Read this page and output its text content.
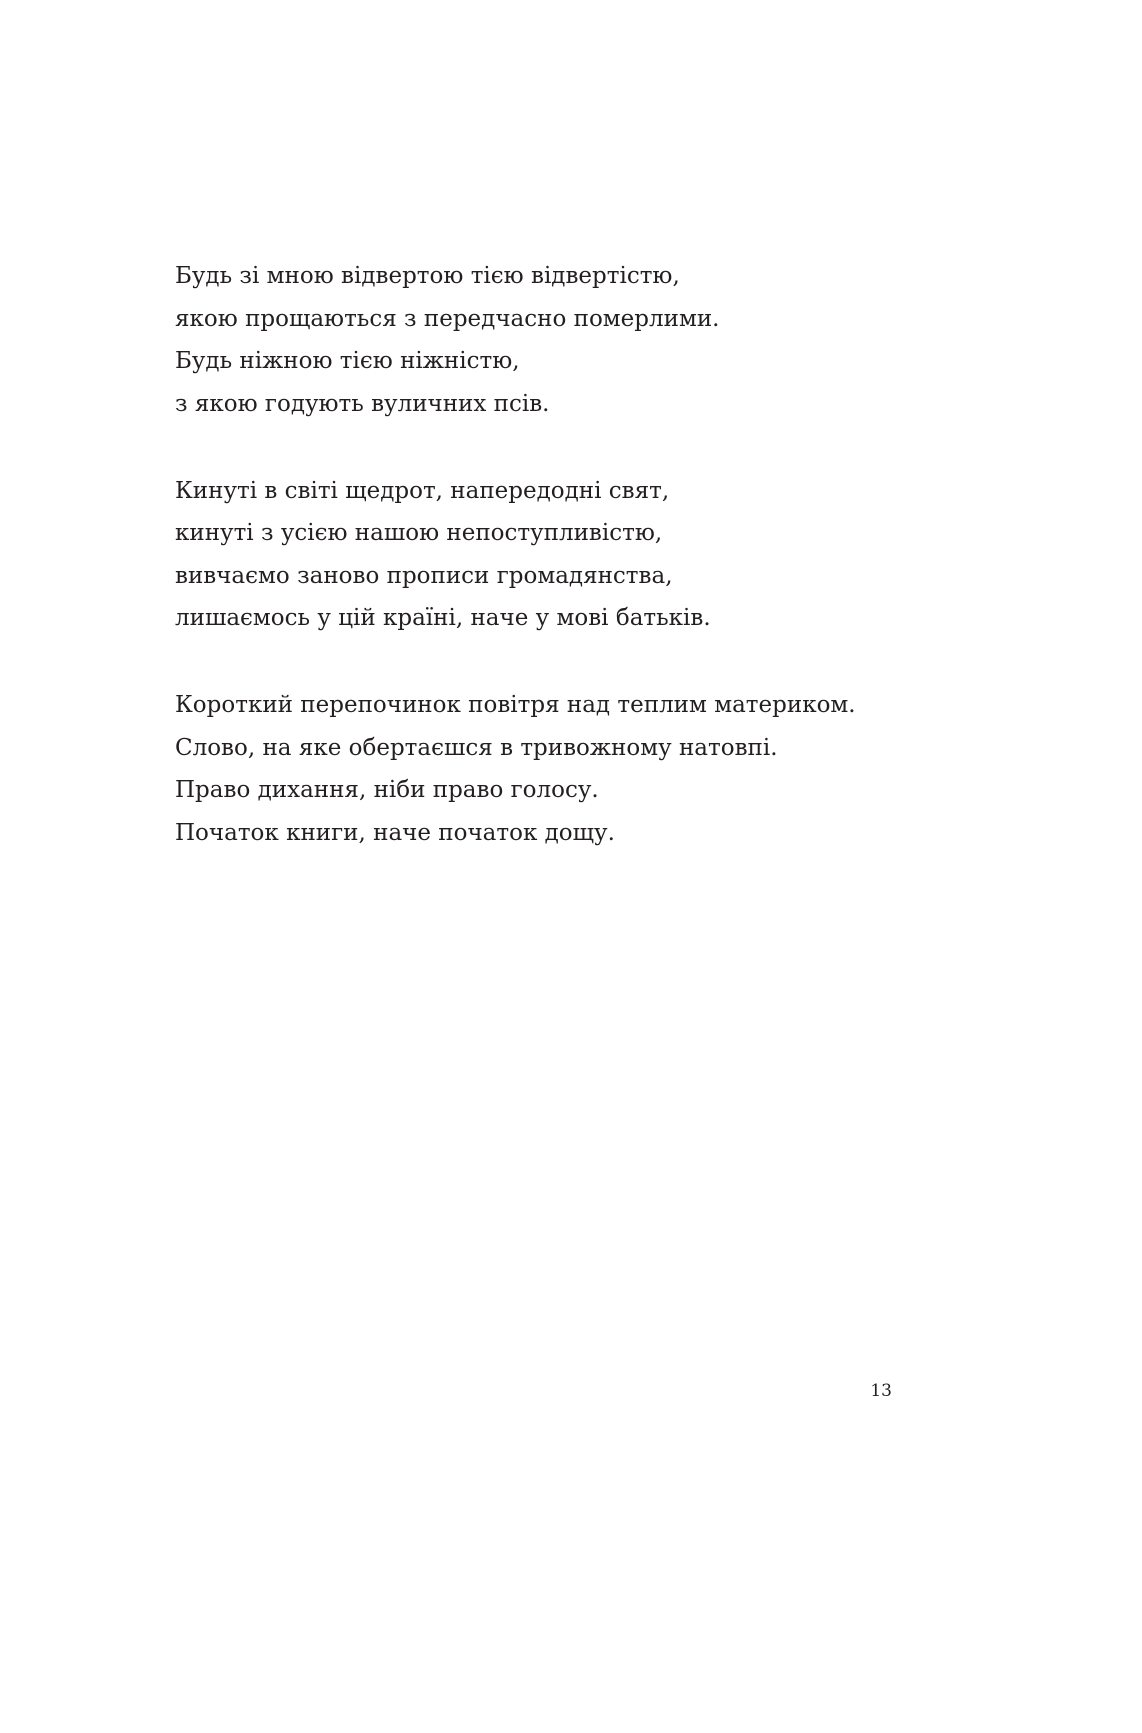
Будь зі мною відвертою тією відвертістю,
якою прощаються з передчасно померлими.
Будь ніжною тією ніжністю,
з якою годують вуличних псів.
Кинуті в світі щедрот, напередодні свят,
кинуті з усією нашою непоступливістю,
вивчаємо заново прописи громадянства,
лишаємось у цій країні, наче у мові батьків.
Короткий перепочинок повітря над теплим материком.
Слово, на яке обертаєшся в тривожному натовпі.
Право дихання, ніби право голосу.
Початок книги, наче початок дощу.
13
